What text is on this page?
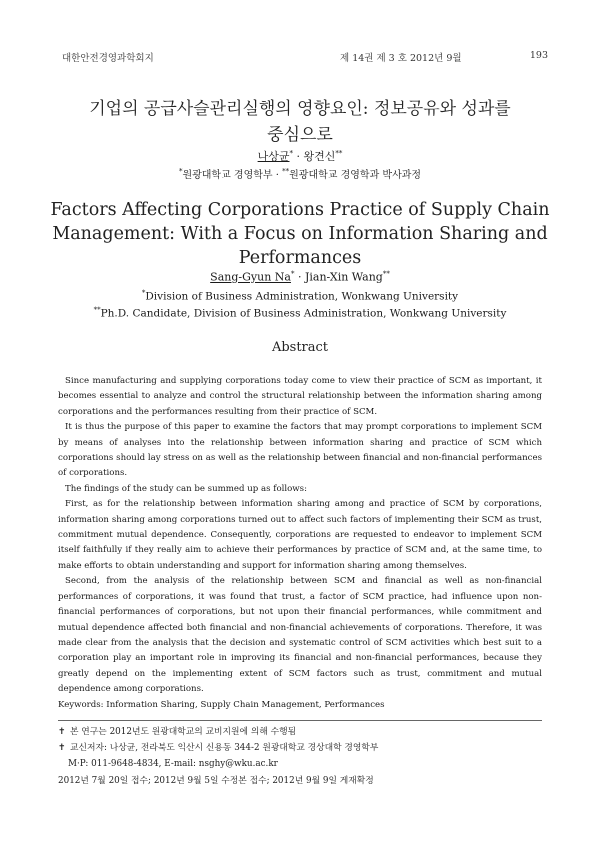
대한안전경영과학회지	제 14권 제 3 호 2012년 9월	193
기업의 공급사슬관리실행의 영향요인: 정보공유와 성과를
중심으로
나상균* · 왕견신**
*원광대학교 경영학부 · **원광대학교 경영학과 박사과정
Factors Affecting Corporations Practice of Supply Chain
Management: With a Focus on Information Sharing and
Performances
Sang-Gyun Na* · Jian-Xin Wang**
*Division of Business Administration, Wonkwang University
**Ph.D. Candidate, Division of Business Administration, Wonkwang University
Abstract

Since manufacturing and supplying corporations today come to view their practice of SCM as important, it becomes essential to analyze and control the structural relationship between the information sharing among corporations and the performances resulting from their practice of SCM.

It is thus the purpose of this paper to examine the factors that may prompt corporations to implement SCM by means of analyses into the relationship between information sharing and practice of SCM which corporations should lay stress on as well as the relationship between financial and non-financial performances of corporations.

The findings of the study can be summed up as follows:

First, as for the relationship between information sharing among and practice of SCM by corporations, information sharing among corporations turned out to affect such factors of implementing their SCM as trust, commitment mutual dependence. Consequently, corporations are requested to endeavor to implement SCM itself faithfully if they really aim to achieve their performances by practice of SCM and, at the same time, to make efforts to obtain understanding and support for information sharing among themselves.

Second, from the analysis of the relationship between SCM and financial as well as non-financial performances of corporations, it was found that trust, a factor of SCM practice, had influence upon non-financial performances of corporations, but not upon their financial performances, while commitment and mutual dependence affected both financial and non-financial achievements of corporations. Therefore, it was made clear from the analysis that the decision and systematic control of SCM activities which best suit to a corporation play an important role in improving its financial and non-financial performances, because they greatly depend on the implementing extent of SCM factors such as trust, commitment and mutual dependence among corporations.

Keywords: Information Sharing, Supply Chain Management, Performances

✝ 본 연구는 2012년도 원광대학교의 교비지원에 의해 수행됨
✝ 교신저자: 나상균, 전라북도 익산시 신용동 344-2 원광대학교 경상대학 경영학부
M·P: 011-9648-4834, E-mail: nsghy@wku.ac.kr
2012년 7월 20일 접수; 2012년 9월 5일 수정본 접수; 2012년 9월 9일 게재확정
